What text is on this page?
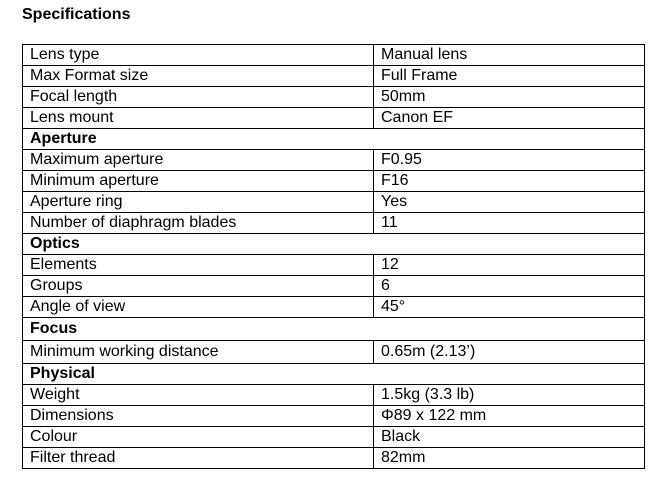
Specifications
Lens type	Manual lens
Max Format size	Full Frame
Focal length	50mm
Lens mount	Canon EF
Aperture	
Maximum aperture	F0.95
Minimum aperture	F16
Aperture ring	Yes
Number of diaphragm blades	11
Optics	
Elements	12
Groups	6
Angle of view	45°
Focus	
Minimum working distance	0.65m (2.13’)
Physical	
Weight	1.5kg (3.3 lb)
Dimensions	Φ89 x 122 mm
Colour	Black
Filter thread	82mm
